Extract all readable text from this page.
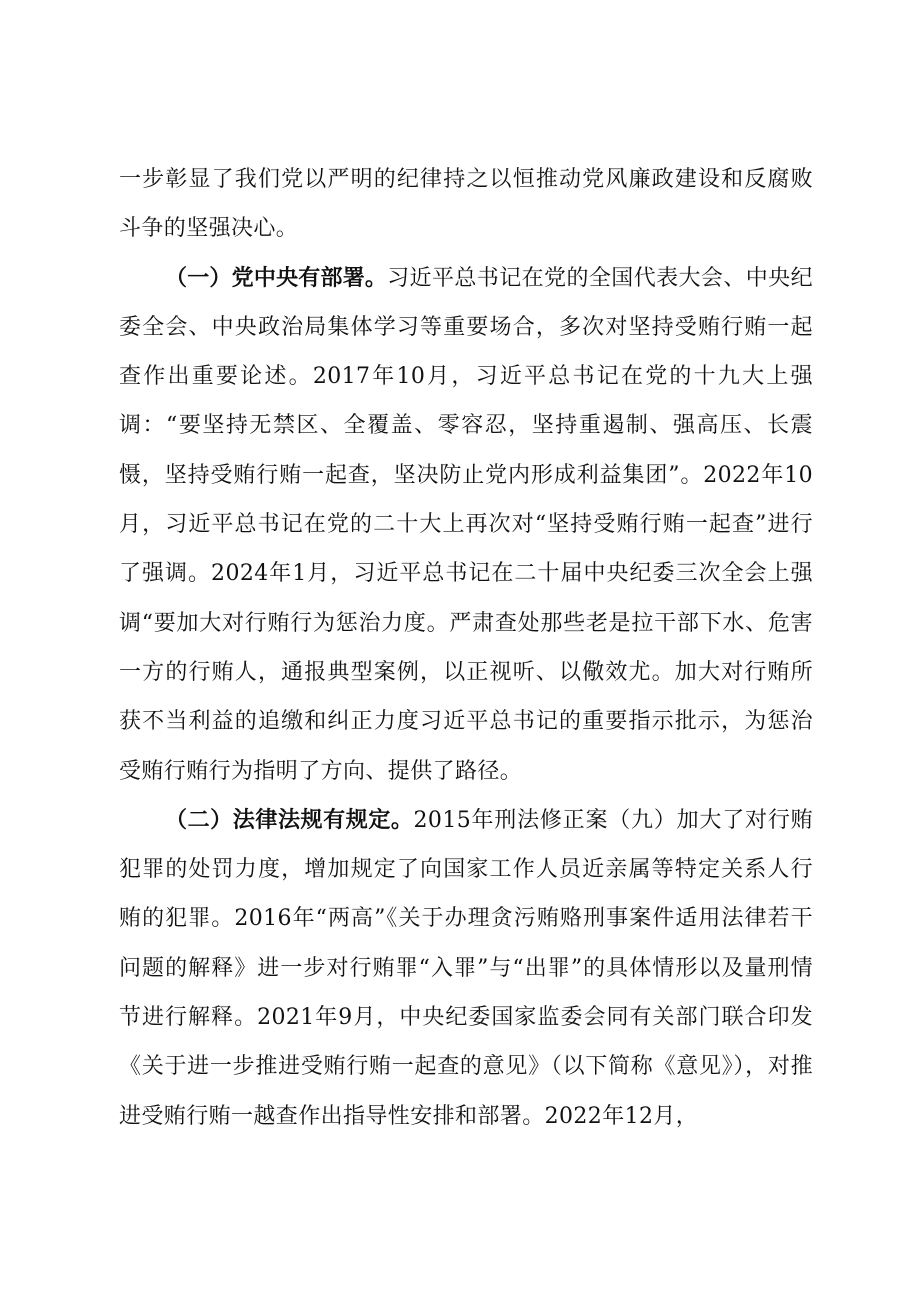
一步彰显了我们党以严明的纪律持之以恒推动党风廉政建设和反腐败斗争的坚强决心。

（一）党中央有部署。习近平总书记在党的全国代表大会、中央纪委全会、中央政治局集体学习等重要场合，多次对坚持受贿行贿一起查作出重要论述。2017年10月，习近平总书记在党的十九大上强调：“要坚持无禁区、全覆盖、零容忍，坚持重遏制、强高压、长震慑，坚持受贿行贿一起查，坚决防止党内形成利益集团”。2022年10月，习近平总书记在党的二十大上再次对“坚持受贿行贿一起查”进行了强调。2024年1月，习近平总书记在二十届中央纪委三次全会上强调“要加大对行贿行为惩治力度。严肃查处那些老是拉干部下水、危害一方的行贿人，通报典型案例，以正视听、以儆效尤。加大对行贿所获不当利益的追缴和纠正力度习近平总书记的重要指示批示，为惩治受贿行贿行为指明了方向、提供了路径。

（二）法律法规有规定。2015年刑法修正案（九）加大了对行贿犯罪的处罚力度，增加规定了向国家工作人员近亲属等特定关系人行贿的犯罪。2016年“两高”《关于办理贪污贿赂刑事案件适用法律若干问题的解释》进一步对行贿罪“入罪”与“出罪”的具体情形以及量刑情节进行解释。2021年9月，中央纪委国家监委会同有关部门联合印发《关于进一步推进受贿行贿一起查的意见》（以下简称《意见》），对推进受贿行贿一越查作出指导性安排和部署。2022年12月，
